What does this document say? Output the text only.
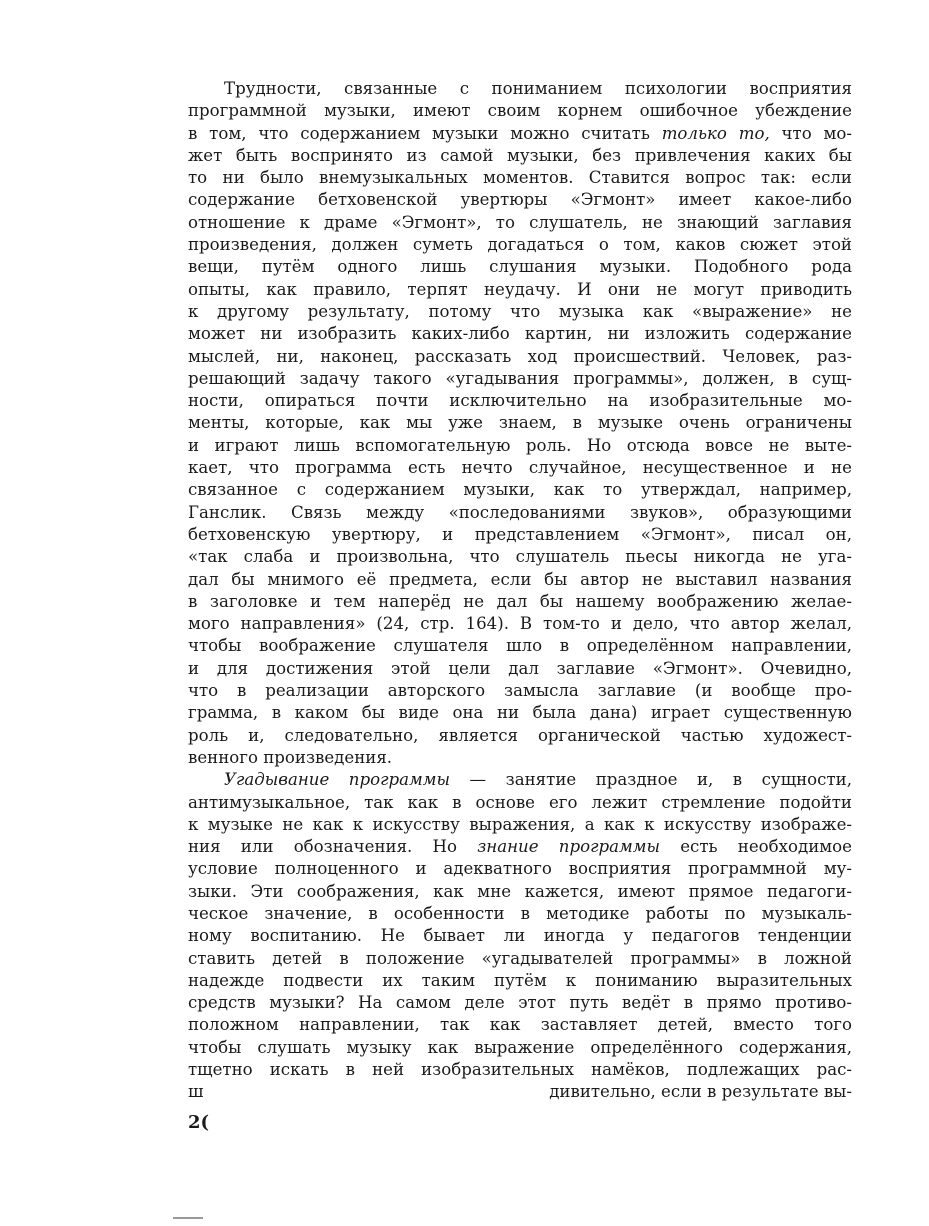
Трудности, связанные с пониманием психологии восприятия
программной музыки, имеют своим корнем ошибочное убеждение
в том, что содержанием музыки можно считать только то, что мо-
жет быть воспринято из самой музыки, без привлечения каких бы
то ни было внемузыкальных моментов. Ставится вопрос так: если
содержание бетховенской увертюры «Эгмонт» имеет какое-либо
отношение к драме «Эгмонт», то слушатель, не знающий заглавия
произведения, должен суметь догадаться о том, каков сюжет этой
вещи, путём одного лишь слушания музыки. Подобного рода
опыты, как правило, терпят неудачу. И они не могут приводить
к другому результату, потому что музыка как «выражение» не
может ни изобразить каких-либо картин, ни изложить содержание
мыслей, ни, наконец, рассказать ход происшествий. Человек, раз-
решающий задачу такого «угадывания программы», должен, в сущ-
ности, опираться почти исключительно на изобразительные мо-
менты, которые, как мы уже знаем, в музыке очень ограничены
и играют лишь вспомогательную роль. Но отсюда вовсе не выте-
кает, что программа есть нечто случайное, несущественное и не
связанное с содержанием музыки, как то утверждал, например,
Ганслик. Связь между «последованиями звуков», образующими
бетховенскую увертюру, и представлением «Эгмонт», писал он,
«так слаба и произвольна, что слушатель пьесы никогда не уга-
дал бы мнимого её предмета, если бы автор не выставил названия
в заголовке и тем наперёд не дал бы нашему воображению желае-
мого направления» (24, стр. 164). В том-то и дело, что автор желал,
чтобы воображение слушателя шло в определённом направлении,
и для достижения этой цели дал заглавие «Эгмонт». Очевидно,
что в реализации авторского замысла заглавие (и вообще про-
грамма, в каком бы виде она ни была дана) играет существенную
роль и, следовательно, является органической частью художест-
венного произведения.
Угадывание программы — занятие праздное и, в сущности,
антимузыкальное, так как в основе его лежит стремление подойти
к музыке не как к искусству выражения, а как к искусству изображе-
ния или обозначения. Но знание программы есть необходимое
условие полноценного и адекватного восприятия программной му-
зыки. Эти соображения, как мне кажется, имеют прямое педагоги-
ческое значение, в особенности в методике работы по музыкаль-
ному воспитанию. Не бывает ли иногда у педагогов тенденции
ставить детей в положение «угадывателей программы» в ложной
надежде подвести их таким путём к пониманию выразительных
средств музыки? На самом деле этот путь ведёт в прямо противо-
положном направлении, так как заставляет детей, вместо того
чтобы слушать музыку как выражение определённого содержания,
тщетно искать в ней изобразительных намёков, подлежащих рас-
ш	дивительно, если в результате вы-
2(
